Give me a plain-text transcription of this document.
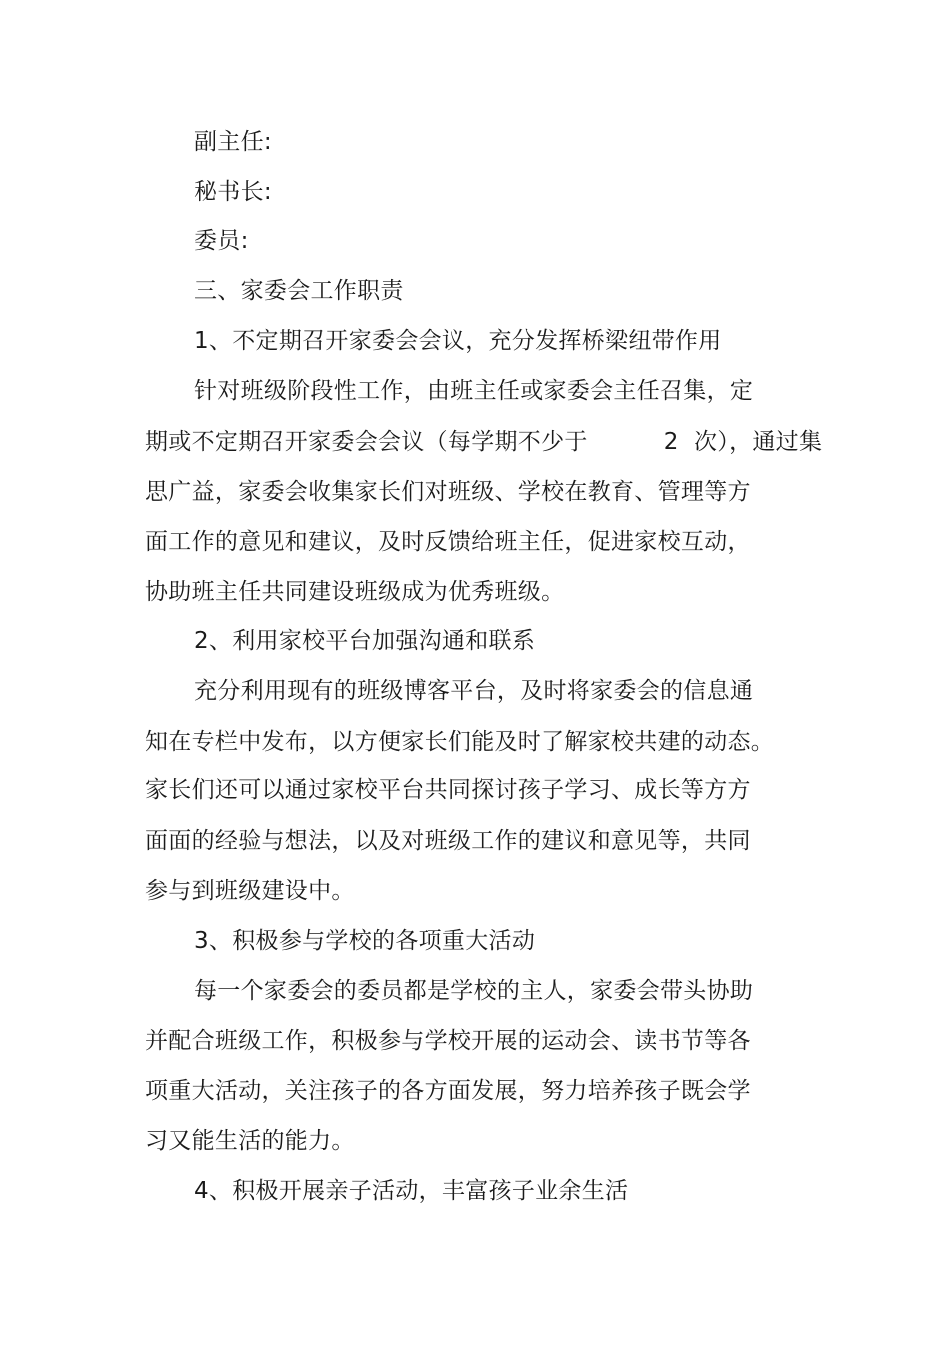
副主任:
秘书长:
委员:
三、家委会工作职责
1、不定期召开家委会会议，充分发挥桥梁纽带作用
针对班级阶段性工作，由班主任或家委会主任召集，定
期或不定期召开家委会会议（每学期不少于          2  次），通过集
思广益，家委会收集家长们对班级、学校在教育、管理等方
面工作的意见和建议，及时反馈给班主任，促进家校互动，
协助班主任共同建设班级成为优秀班级。
2、利用家校平台加强沟通和联系
充分利用现有的班级博客平台，及时将家委会的信息通
知在专栏中发布，以方便家长们能及时了解家校共建的动态。
家长们还可以通过家校平台共同探讨孩子学习、成长等方方
面面的经验与想法，以及对班级工作的建议和意见等，共同
参与到班级建设中。
3、积极参与学校的各项重大活动
每一个家委会的委员都是学校的主人，家委会带头协助
并配合班级工作，积极参与学校开展的运动会、读书节等各
项重大活动，关注孩子的各方面发展，努力培养孩子既会学
习又能生活的能力。
4、积极开展亲子活动，丰富孩子业余生活
